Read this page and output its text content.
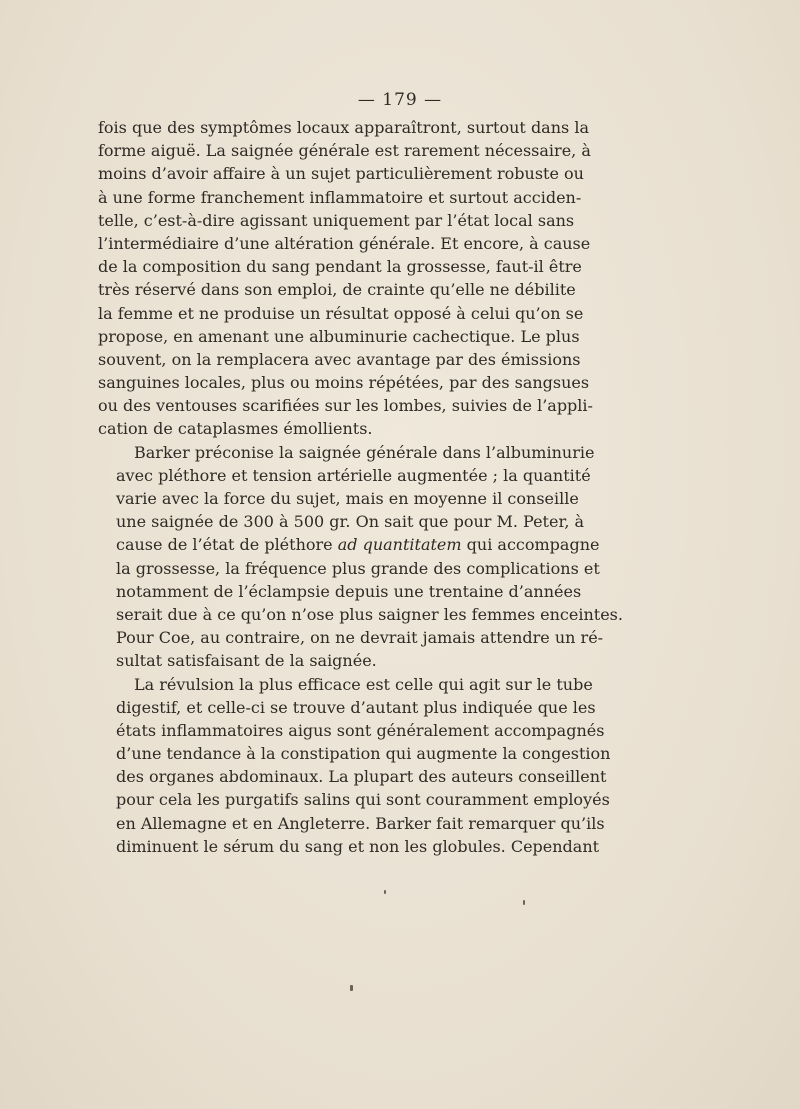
— 179 —
fois que des symptômes locaux apparaîtront, surtout dans la
forme aiguë. La saignée générale est rarement nécessaire, à
moins d’avoir affaire à un sujet particulièrement robuste ou
à une forme franchement inflammatoire et surtout acciden-
telle, c’est-à-dire agissant uniquement par l’état local sans
l’intermédiaire d’une altération générale. Et encore, à cause
de la composition du sang pendant la grossesse, faut-il être
très réservé dans son emploi, de crainte qu’elle ne débilite
la femme et ne produise un résultat opposé à celui qu’on se
propose, en amenant une albuminurie cachectique. Le plus
souvent, on la remplacera avec avantage par des émissions
sanguines locales, plus ou moins répétées, par des sangsues
ou des ventouses scarifiées sur les lombes, suivies de l’appli-
cation de cataplasmes émollients.
Barker préconise la saignée générale dans l’albuminurie
avec pléthore et tension artérielle augmentée ; la quantité
varie avec la force du sujet, mais en moyenne il conseille
une saignée de 300 à 500 gr. On sait que pour M. Peter, à
cause de l’état de pléthore ad quantitatem qui accompagne
la grossesse, la fréquence plus grande des complications et
notamment de l’éclampsie depuis une trentaine d’années
serait due à ce qu’on n’ose plus saigner les femmes enceintes.
Pour Coe, au contraire, on ne devrait jamais attendre un ré-
sultat satisfaisant de la saignée.
La révulsion la plus efficace est celle qui agit sur le tube
digestif, et celle-ci se trouve d’autant plus indiquée que les
états inflammatoires aigus sont généralement accompagnés
d’une tendance à la constipation qui augmente la congestion
des organes abdominaux. La plupart des auteurs conseillent
pour cela les purgatifs salins qui sont couramment employés
en Allemagne et en Angleterre. Barker fait remarquer qu’ils
diminuent le sérum du sang et non les globules. Cependant
